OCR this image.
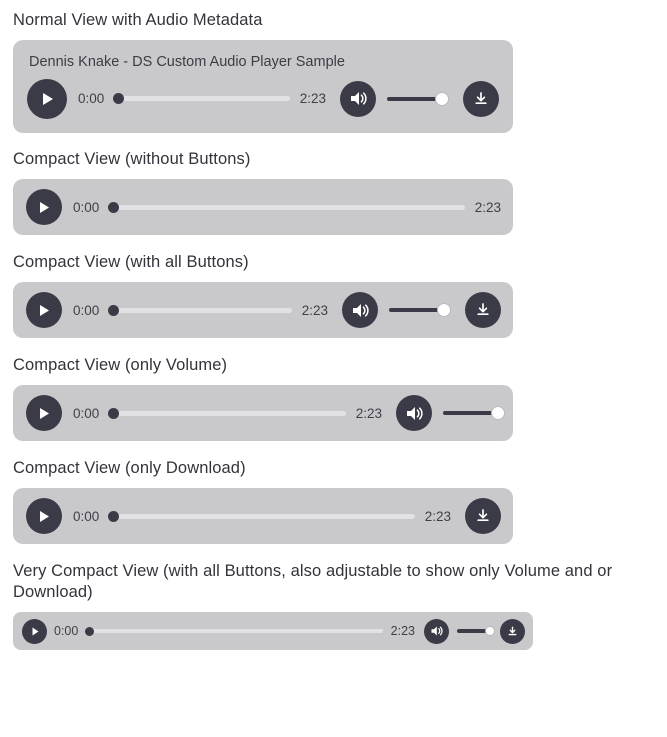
Normal View with Audio Metadata

Dennis Knake - DS Custom Audio Player Sample
0:00	2:23

Compact View (without Buttons)

0:00	2:23

Compact View (with all Buttons)

0:00	2:23

Compact View (only Volume)

0:00	2:23

Compact View (only Download)

0:00	2:23

Very Compact View (with all Buttons, also adjustable to show only Volume and or Download)

0:00	2:23
